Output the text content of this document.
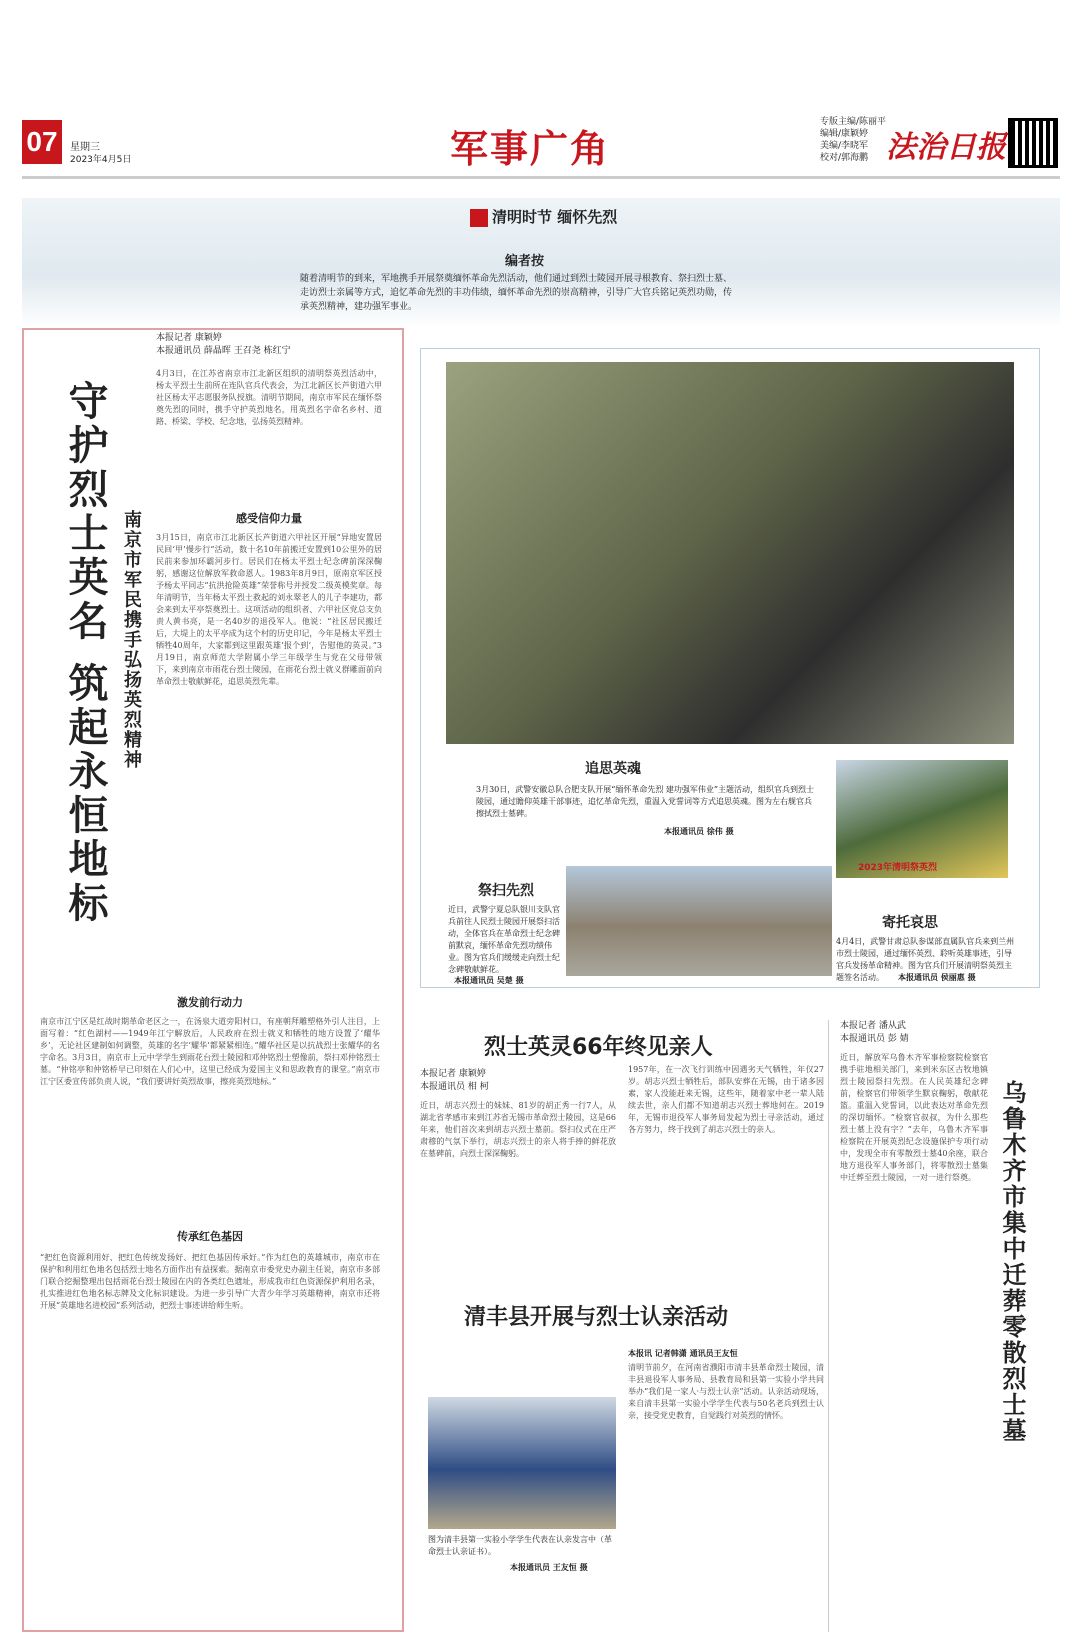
07	星期三
2023年4月5日	军事广角
专版主编/陈丽平
编辑/康颖婷
美编/李晓军
校对/郭海鹏 法治日报
清明时节 缅怀先烈
编者按
随着清明节的到来，军地携手开展祭奠缅怀革命先烈活动，他们通过到烈士陵园开展寻根教育、祭扫烈士墓、走访烈士亲属等方式，追忆革命先烈的丰功伟绩，缅怀革命先烈的崇高精神，引导广大官兵铭记英烈功勋，传承英烈精神，建功强军事业。
守护烈士英名 筑起永恒地标 南京市军民携手弘扬英烈精神
本报记者 康颖婷
本报通讯员 薛晶晖 王召尧 栋红宁
4月3日，在江苏省南京市江北新区组织的清明祭英烈活动中，杨太平烈士生前所在连队官兵代表会，为江北新区长芦街道六甲社区杨太平志愿服务队授旗。清明节期间，南京市军民在缅怀祭奠先烈的同时，携手守护英烈地名，用英烈名字命名乡村、道路、桥梁、学校、纪念地，弘扬英烈精神。
感受信仰力量
3月15日，南京市江北新区长芦街道六甲社区开展“异地安置居民回‘甲’慢步行”活动，数十名10年前搬迁安置到10公里外的居民前来参加环霸河步行。居民们在杨太平烈士纪念碑前深深鞠躬，感谢这位解放军救命恩人。1983年8月9日，原南京军区授予杨太平同志“抗洪抢险英雄”荣誉称号并授发二级英模奖章。每年清明节，当年杨太平烈士救起的刘永翠老人的儿子李建功，都会来到太平亭祭奠烈士。这项活动的组织者、六甲社区党总支负责人黄书亮，是一名40岁的退役军人。他说：“社区居民搬迁后，大堤上的太平亭成为这个村的历史印记，今年是杨太平烈士牺牲40周年，大家都到这里跟英雄‘报个到’，告慰他的英灵。”3月19日，南京师范大学附属小学三年级学生与党在父母带领下，来到南京市雨花台烈士陵园，在雨花台烈士就义群雕面前向革命烈士敬献鲜花，追思英烈先辈。
激发前行动力
南京市江宁区是红战时期革命老区之一，在汤泉大道旁阳村口，有座朝拜雕塑格外引人注目，上面写着：“红色湖村——1949年江宁解放后，人民政府在烈士就义和牺牲的地方设置了‘耀华乡’，无论社区建制如何调整，英雄的名字‘耀华’都紧紧相连。”耀华社区是以抗战烈士张耀华的名字命名。3月3日，南京市上元中学学生到雨花台烈士陵园和邓仲铭烈士塑像前，祭扫邓仲铭烈士墓。“仲铭亭和仲铭桥早已印刻在人们心中，这里已经成为爱国主义和思政教育的课堂。”南京市江宁区委宣传部负责人说，“我们要讲好英烈故事，擦亮英烈地标。”
传承红色基因
“把红色资源利用好、把红色传统发扬好、把红色基因传承好。”作为红色的英雄城市，南京市在保护和利用红色地名包括烈士地名方面作出有益探索。据南京市委党史办副主任说，南京市多部门联合挖掘整理出包括雨花台烈士陵园在内的各类红色遗址，形成我市红色资源保护利用名录，扎实推进红色地名标志牌及文化标识建设。为进一步引导广大青少年学习英雄精神，南京市还将开展“英雄地名进校园”系列活动，把烈士事迹讲给师生听。
追思英魂
3月30日，武警安徽总队合肥支队开展“缅怀革命先烈 建功强军伟业”主题活动，组织官兵到烈士陵园，通过瞻仰英雄干部事迹，追忆革命先烈，重温入党誓词等方式追思英魂。图为左右舰官兵擦拭烈士墓碑。
本报通讯员 徐伟 摄
2023年清明祭英烈
寄托哀思
4月4日，武警甘肃总队参谋部直属队官兵来到兰州市烈士陵园，通过缅怀英烈、聆听英雄事迹，引导官兵发扬革命精神。图为官兵们开展清明祭英烈主题签名活动。	本报通讯员 侯丽惠 摄
祭扫先烈
近日，武警宁夏总队银川支队官兵前往人民烈士陵园开展祭扫活动，全体官兵在革命烈士纪念碑前默哀，缅怀革命先烈功绩伟业。图为官兵们缓缓走向烈士纪念碑敬献鲜花。
本报通讯员 吴楚 摄
烈士英灵66年终见亲人
本报记者 康颖婷
本报通讯员 相 柯
近日，胡志兴烈士的妹妹、81岁的胡正秀一行7人，从湖北省孝感市来到江苏省无锡市革命烈士陵园，这是66年来，他们首次来到胡志兴烈士墓前。祭扫仪式在庄严肃穆的气氛下举行，胡志兴烈士的亲人将手捧的鲜花放在墓碑前，向烈士深深鞠躬。
1957年，在一次飞行训练中因遇劣天气牺牲，年仅27岁。胡志兴烈士牺牲后，部队安葬在无锡，由于诸多因素，家人没能赶来无锡，这些年，随着家中老一辈人陆续去世，亲人们都不知道胡志兴烈士葬地何在。2019年，无锡市退役军人事务局发起为烈士寻亲活动，通过各方努力，终于找到了胡志兴烈士的亲人。
本报记者 潘从武
本报通讯员 彭 婧
乌鲁木齐市集中迁葬零散烈士墓
近日，解放军乌鲁木齐军事检察院检察官携手驻地相关部门，来到米东区古牧地镇烈士陵园祭扫先烈。在人民英雄纪念碑前，检察官们带领学生默哀鞠躬，敬献花篮。重温入党誓词，以此表达对革命先烈的深切缅怀。“检察官叔叔，为什么那些烈士墓上没有字？”去年，乌鲁木齐军事检察院在开展英烈纪念设施保护专项行动中，发现全市有零散烈士墓40余座，联合地方退役军人事务部门，将零散烈士墓集中迁葬至烈士陵园，一对一进行祭奠。
清丰县开展与烈士认亲活动
图为清丰县第一实验小学学生代表在认亲发言中（革命烈士认亲证书）。
本报通讯员 王友恒 摄
本报讯 记者韩潇 通讯员王友恒
清明节前夕，在河南省濮阳市清丰县革命烈士陵园，清丰县退役军人事务局、县教育局和县第一实验小学共同举办“我们是一家人·与烈士认亲”活动。认亲活动现场，来自清丰县第一实验小学学生代表与50名老兵到烈士认亲，接受党史教育，自觉践行对英烈的情怀。
